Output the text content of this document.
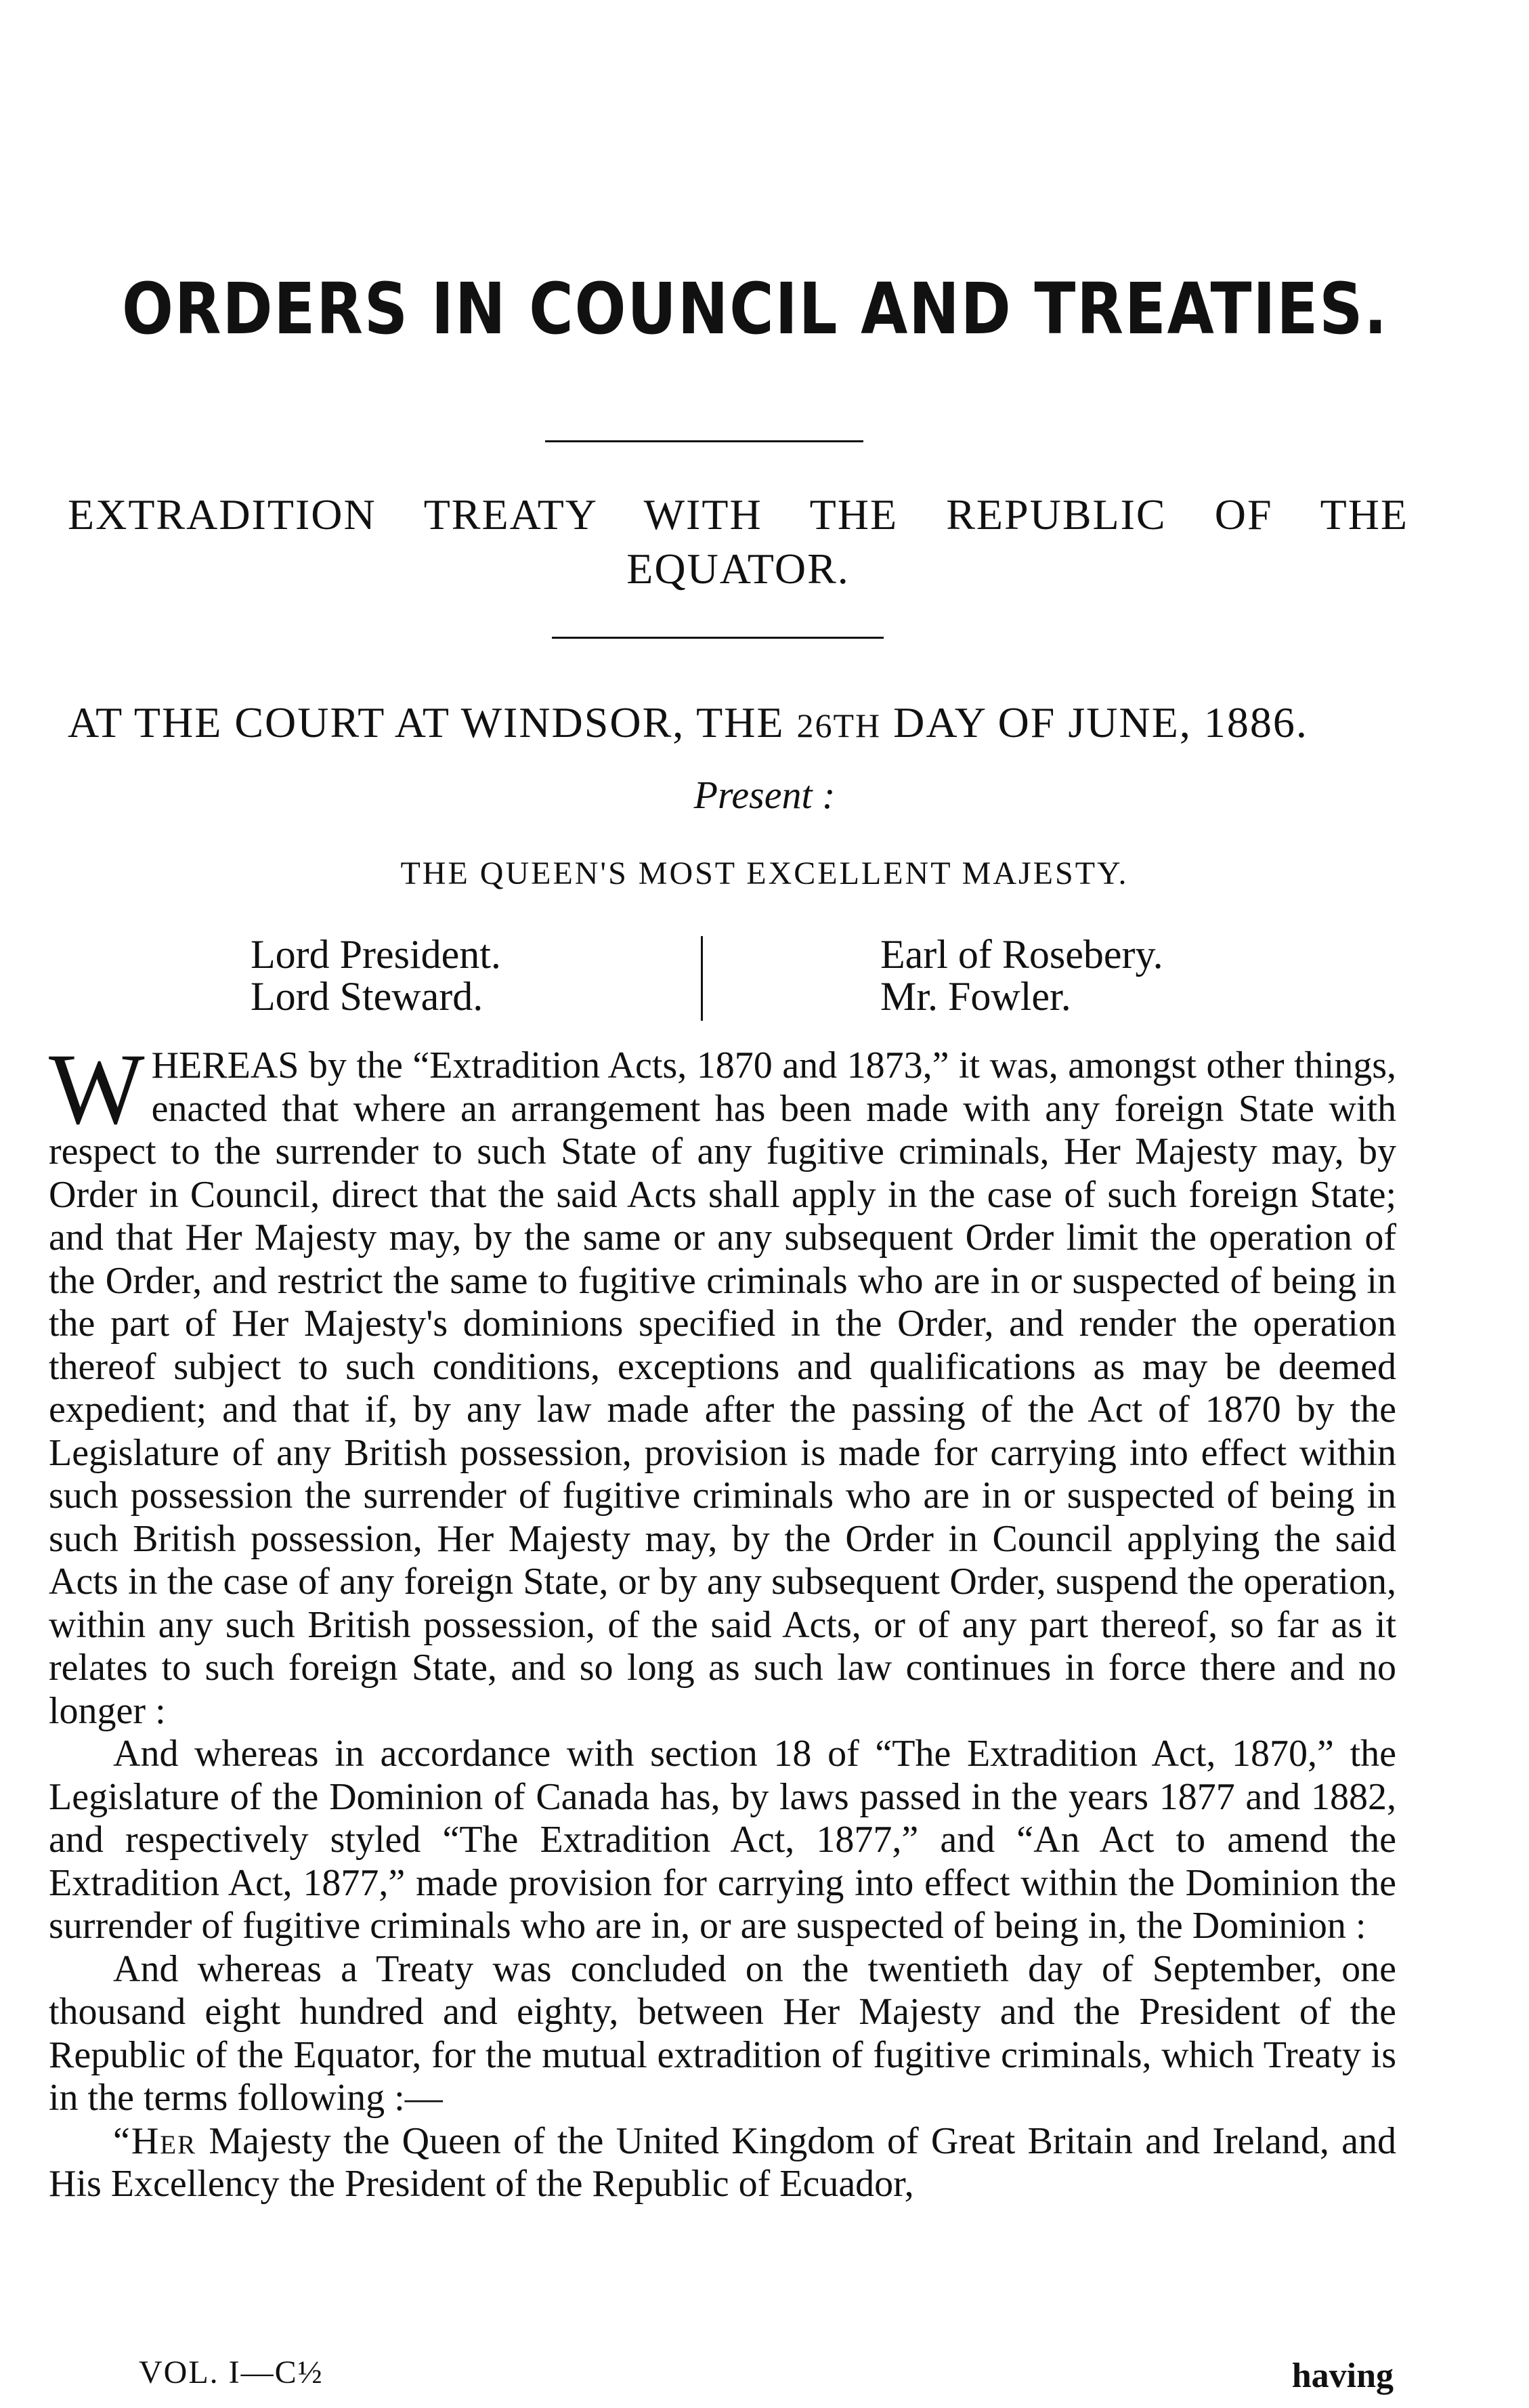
ORDERS IN COUNCIL AND TREATIES.
EXTRADITION TREATY WITH THE REPUBLIC OF THE
EQUATOR.
AT THE COURT AT WINDSOR, THE 26TH DAY OF JUNE, 1886.
Present :
THE QUEEN'S MOST EXCELLENT MAJESTY.
Lord President.
Lord Steward.
Earl of Rosebery.
Mr. Fowler.

WHEREAS by the “Extradition Acts, 1870 and 1873,” it was, amongst other things, enacted that where an arrangement has been made with any foreign State with respect to the surrender to such State of any fugitive criminals, Her Majesty may, by Order in Council, direct that the said Acts shall apply in the case of such foreign State; and that Her Majesty may, by the same or any subsequent Order limit the operation of the Order, and restrict the same to fugitive criminals who are in or suspected of being in the part of Her Majesty's dominions specified in the Order, and render the operation thereof subject to such conditions, exceptions and qualifications as may be deemed expedient; and that if, by any law made after the passing of the Act of 1870 by the Legislature of any British possession, provision is made for carrying into effect within such possession the surrender of fugitive criminals who are in or suspected of being in such British possession, Her Majesty may, by the Order in Council applying the said Acts in the case of any foreign State, or by any subsequent Order, suspend the operation, within any such British possession, of the said Acts, or of any part thereof, so far as it relates to such foreign State, and so long as such law continues in force there and no longer :

And whereas in accordance with section 18 of “The Extradition Act, 1870,” the Legislature of the Dominion of Canada has, by laws passed in the years 1877 and 1882, and respectively styled “The Extradition Act, 1877,” and “An Act to amend the Extradition Act, 1877,” made provision for carrying into effect within the Dominion the surrender of fugitive criminals who are in, or are suspected of being in, the Dominion :

And whereas a Treaty was concluded on the twentieth day of September, one thousand eight hundred and eighty, between Her Majesty and the President of the Republic of the Equator, for the mutual extradition of fugitive criminals, which Treaty is in the terms following :—

“Her Majesty the Queen of the United Kingdom of Great Britain and Ireland, and His Excellency the President of the Republic of Ecuador,

VOL. I—C½	having
